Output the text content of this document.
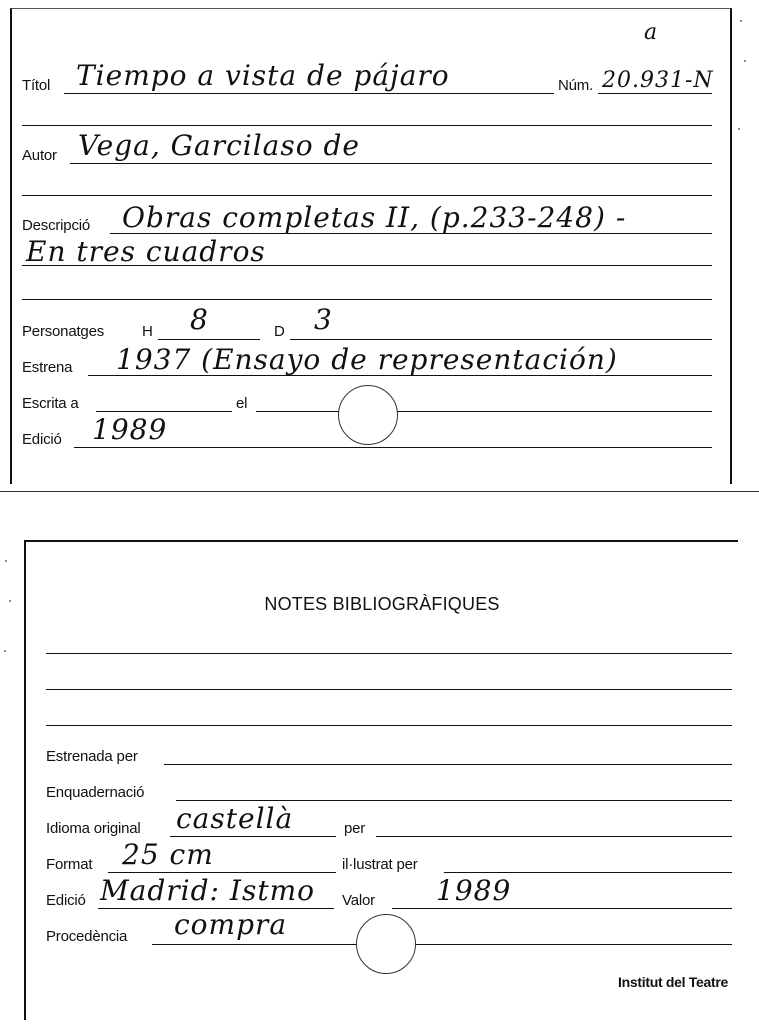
a
Títol Tiempo a vista de pájaro	Núm. 20.931-N
Autor Vega, Garcilaso de
Descripció Obras completas II, (p.233-248) -
En tres cuadros
Personatges	H 8	D 3
Estrena 1937 (Ensayo de representación)
Escrita a	el
Edició 1989
NOTES BIBLIOGRÀFIQUES
Estrenada per
Enquadernació
Idioma original castellà	per
Format 25 cm	il·lustrat per
Edició Madrid: Istmo Valor 1989
Procedència compra
Institut del Teatre
